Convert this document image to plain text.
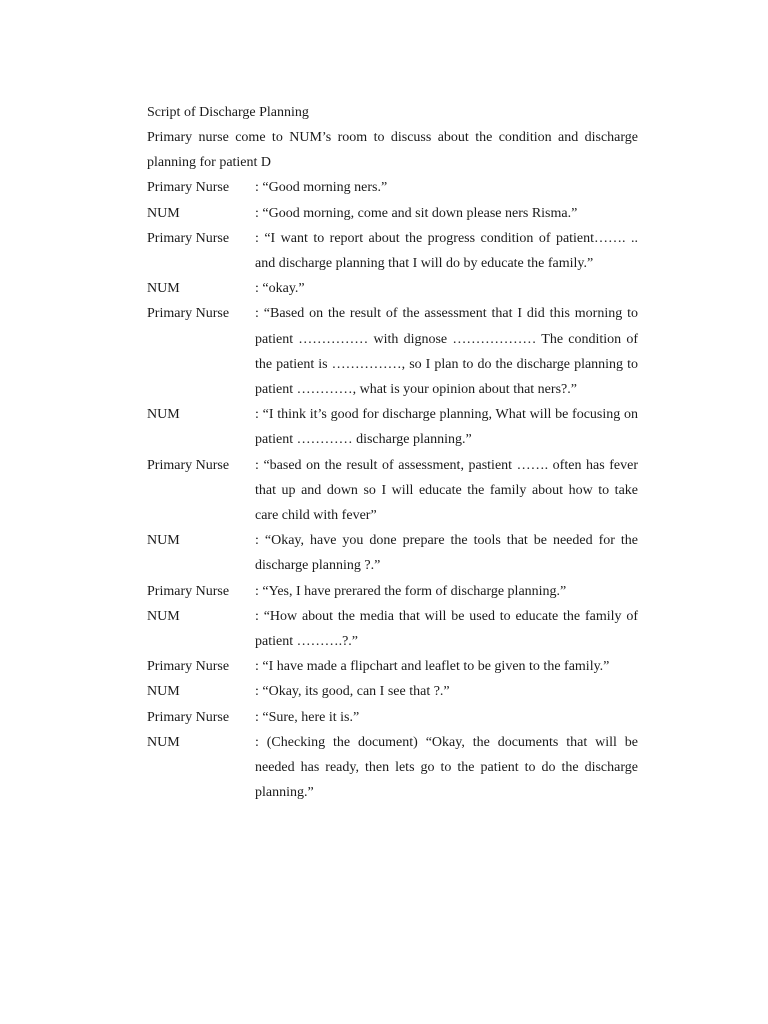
Script of Discharge Planning
Primary nurse come to NUM’s room to discuss about the condition and discharge planning for patient D
Primary Nurse	: “Good morning ners.”
NUM	: “Good morning, come and sit down please ners Risma.”
Primary Nurse	: “I want to report about the progress condition of patient……. .. and discharge planning that I will do by educate the family.”
NUM	: “okay.”
Primary Nurse	: “Based on the result of the assessment that I did this morning to patient …………… with dignose ……………… The condition of the patient is ……………, so I plan to do the discharge planning to patient …………, what is your opinion about that ners?.”
NUM	: “I think it’s good for discharge planning, What will be focusing on patient ………… discharge planning.”
Primary Nurse	: “based on the result of assessment, pastient ……. often has fever that up and down so I will educate the family about how to take care child with fever”
NUM	: “Okay, have you done prepare the tools that be needed for the discharge planning ?.”
Primary Nurse	: “Yes, I have prerared the form of discharge planning.”
NUM	: “How about the media that will be used to educate the family of patient ……….?.”
Primary Nurse	: “I have made a flipchart and leaflet to be given to the family.”
NUM	: “Okay, its good, can I see that ?.”
Primary Nurse	: “Sure, here it is.”
NUM	: (Checking the document) “Okay, the documents that will be needed has ready, then lets go to the patient to do the discharge planning.”
